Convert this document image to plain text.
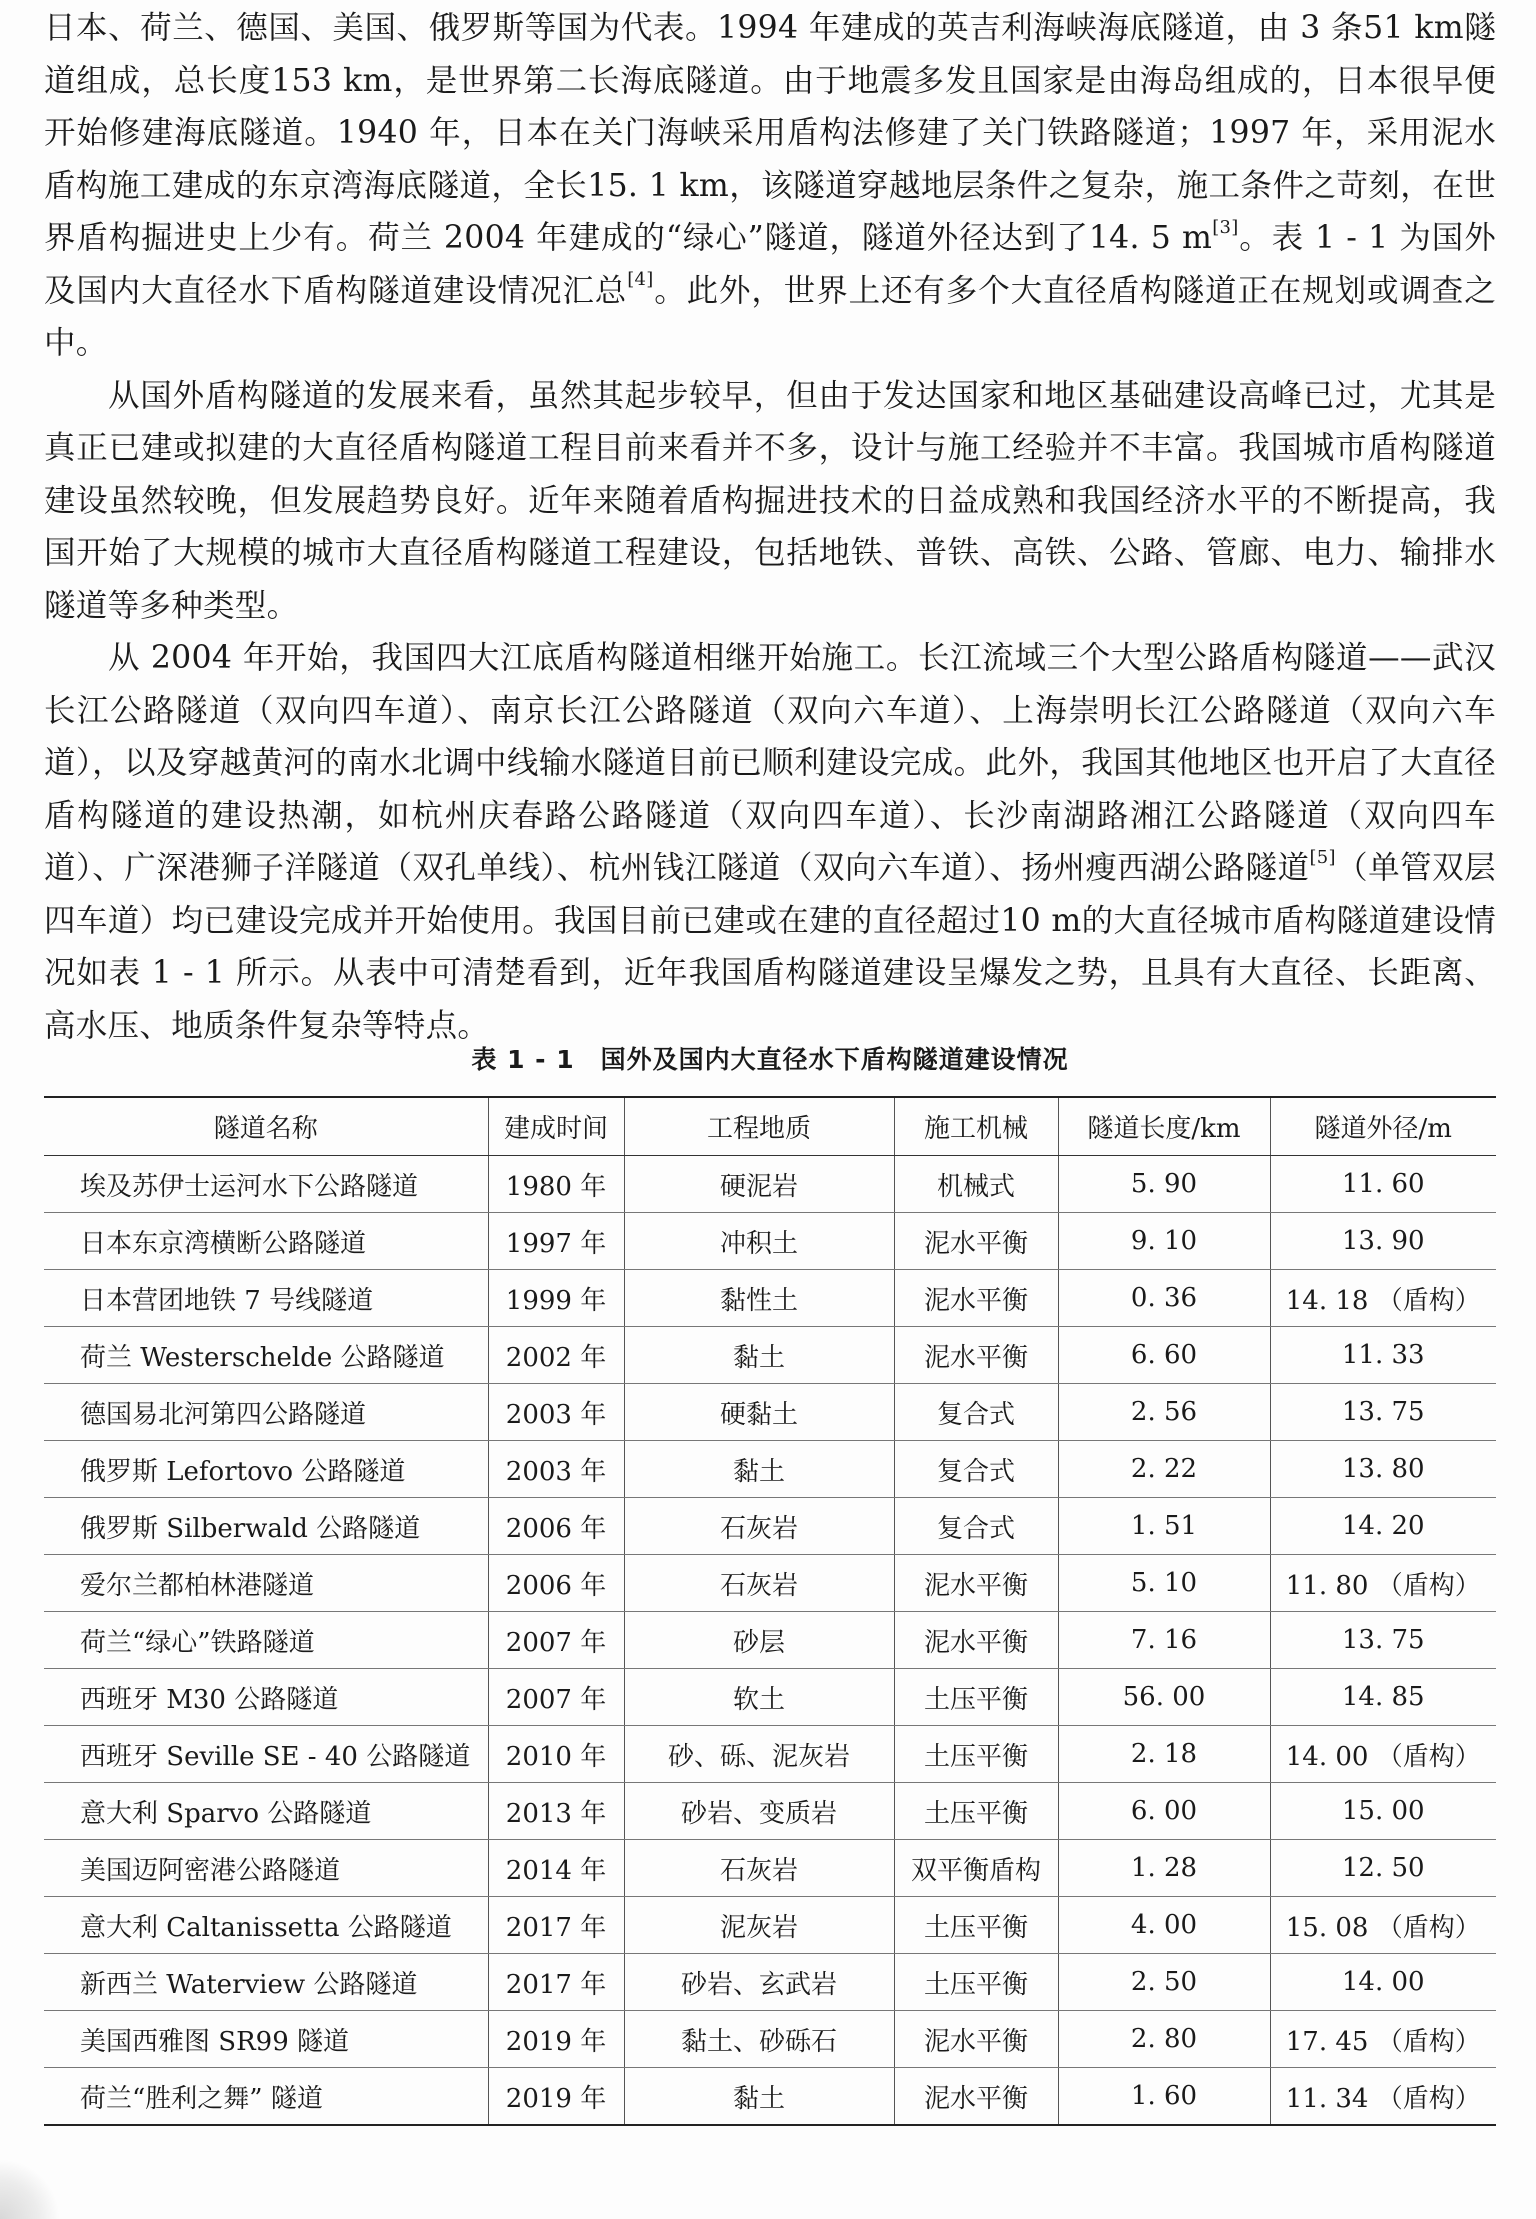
日本、荷兰、德国、美国、俄罗斯等国为代表。1994 年建成的英吉利海峡海底隧道，由 3 条51 km隧道组成，总长度153 km，是世界第二长海底隧道。由于地震多发且国家是由海岛组成的，日本很早便开始修建海底隧道。1940 年，日本在关门海峡采用盾构法修建了关门铁路隧道；1997 年，采用泥水盾构施工建成的东京湾海底隧道，全长15. 1 km，该隧道穿越地层条件之复杂，施工条件之苛刻，在世界盾构掘进史上少有。荷兰 2004 年建成的“绿心”隧道，隧道外径达到了14. 5 m[3]。表 1 - 1 为国外及国内大直径水下盾构隧道建设情况汇总[4]。此外，世界上还有多个大直径盾构隧道正在规划或调查之中。

从国外盾构隧道的发展来看，虽然其起步较早，但由于发达国家和地区基础建设高峰已过，尤其是真正已建或拟建的大直径盾构隧道工程目前来看并不多，设计与施工经验并不丰富。我国城市盾构隧道建设虽然较晚，但发展趋势良好。近年来随着盾构掘进技术的日益成熟和我国经济水平的不断提高，我国开始了大规模的城市大直径盾构隧道工程建设，包括地铁、普铁、高铁、公路、管廊、电力、输排水隧道等多种类型。

从 2004 年开始，我国四大江底盾构隧道相继开始施工。长江流域三个大型公路盾构隧道——武汉长江公路隧道（双向四车道）、南京长江公路隧道（双向六车道）、上海崇明长江公路隧道（双向六车道），以及穿越黄河的南水北调中线输水隧道目前已顺利建设完成。此外，我国其他地区也开启了大直径盾构隧道的建设热潮，如杭州庆春路公路隧道（双向四车道）、长沙南湖路湘江公路隧道（双向四车道）、广深港狮子洋隧道（双孔单线）、杭州钱江隧道（双向六车道）、扬州瘦西湖公路隧道[5]（单管双层四车道）均已建设完成并开始使用。我国目前已建或在建的直径超过10 m的大直径城市盾构隧道建设情况如表 1 - 1 所示。从表中可清楚看到，近年我国盾构隧道建设呈爆发之势，且具有大直径、长距离、高水压、地质条件复杂等特点。

表 1 - 1　国外及国内大直径水下盾构隧道建设情况
隧道名称	建成时间	工程地质	施工机械	隧道长度/km	隧道外径/m
埃及苏伊士运河水下公路隧道	1980 年	硬泥岩	机械式	5. 90	11. 60
日本东京湾横断公路隧道	1997 年	冲积土	泥水平衡	9. 10	13. 90
日本营团地铁 7 号线隧道	1999 年	黏性土	泥水平衡	0. 36	14. 18 （盾构）
荷兰 Westerschelde 公路隧道	2002 年	黏土	泥水平衡	6. 60	11. 33
德国易北河第四公路隧道	2003 年	硬黏土	复合式	2. 56	13. 75
俄罗斯 Lefortovo 公路隧道	2003 年	黏土	复合式	2. 22	13. 80
俄罗斯 Silberwald 公路隧道	2006 年	石灰岩	复合式	1. 51	14. 20
爱尔兰都柏林港隧道	2006 年	石灰岩	泥水平衡	5. 10	11. 80 （盾构）
荷兰“绿心”铁路隧道	2007 年	砂层	泥水平衡	7. 16	13. 75
西班牙 M30 公路隧道	2007 年	软土	土压平衡	56. 00	14. 85
西班牙 Seville SE - 40 公路隧道	2010 年	砂、砾、泥灰岩	土压平衡	2. 18	14. 00 （盾构）
意大利 Sparvo 公路隧道	2013 年	砂岩、变质岩	土压平衡	6. 00	15. 00
美国迈阿密港公路隧道	2014 年	石灰岩	双平衡盾构	1. 28	12. 50
意大利 Caltanissetta 公路隧道	2017 年	泥灰岩	土压平衡	4. 00	15. 08 （盾构）
新西兰 Waterview 公路隧道	2017 年	砂岩、玄武岩	土压平衡	2. 50	14. 00
美国西雅图 SR99 隧道	2019 年	黏土、砂砾石	泥水平衡	2. 80	17. 45 （盾构）
荷兰“胜利之舞” 隧道	2019 年	黏土	泥水平衡	1. 60	11. 34 （盾构）
